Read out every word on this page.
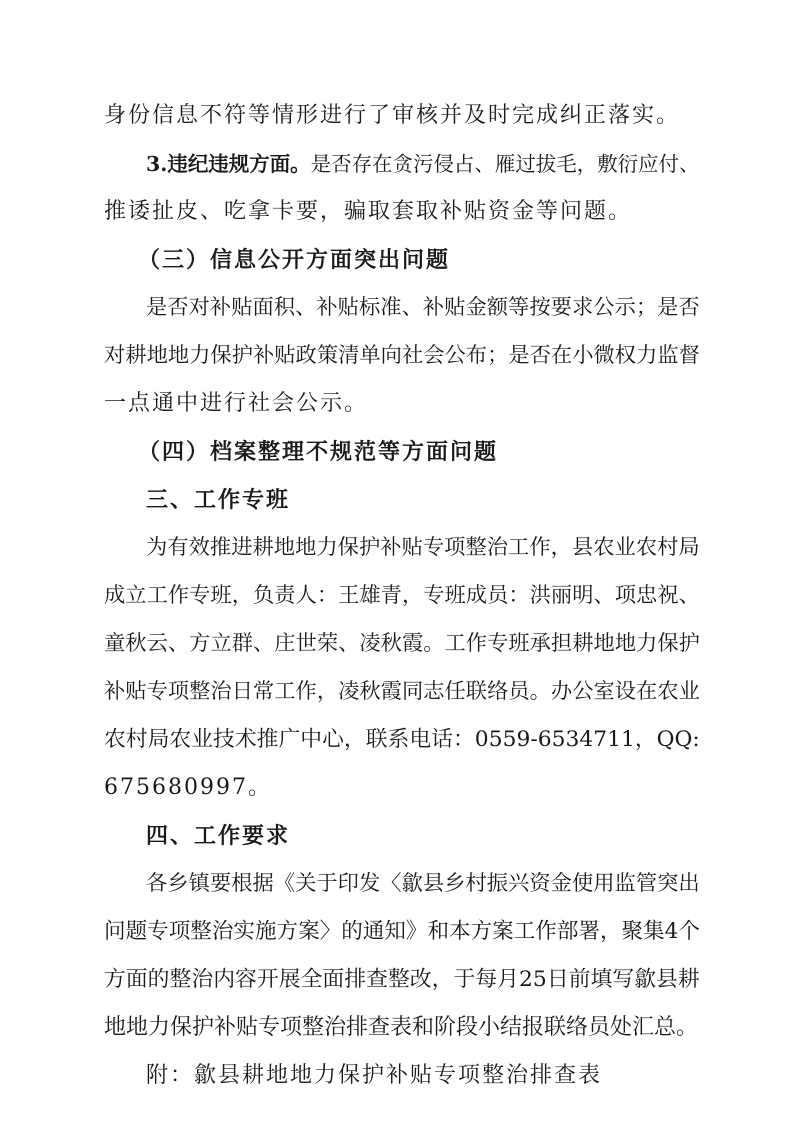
身份信息不符等情形进行了审核并及时完成纠正落实。
3.违纪违规方面。是否存在贪污侵占、雁过拔毛，敷衍应付、
推诿扯皮、吃拿卡要，骗取套取补贴资金等问题。
（三）信息公开方面突出问题
是否对补贴面积、补贴标准、补贴金额等按要求公示；是否
对耕地地力保护补贴政策清单向社会公布；是否在小微权力监督
一点通中进行社会公示。
（四）档案整理不规范等方面问题
三、工作专班
为有效推进耕地地力保护补贴专项整治工作，县农业农村局
成立工作专班，负责人：王雄青，专班成员：洪丽明、项忠祝、
童秋云、方立群、庄世荣、凌秋霞。工作专班承担耕地地力保护
补贴专项整治日常工作，凌秋霞同志任联络员。办公室设在农业
农村局农业技术推广中心，联系电话：0559-6534711，QQ:
675680997。
四、工作要求
各乡镇要根据《关于印发〈歙县乡村振兴资金使用监管突出
问题专项整治实施方案〉的通知》和本方案工作部署，聚集4个
方面的整治内容开展全面排查整改，于每月25日前填写歙县耕
地地力保护补贴专项整治排查表和阶段小结报联络员处汇总。
附：歙县耕地地力保护补贴专项整治排查表
